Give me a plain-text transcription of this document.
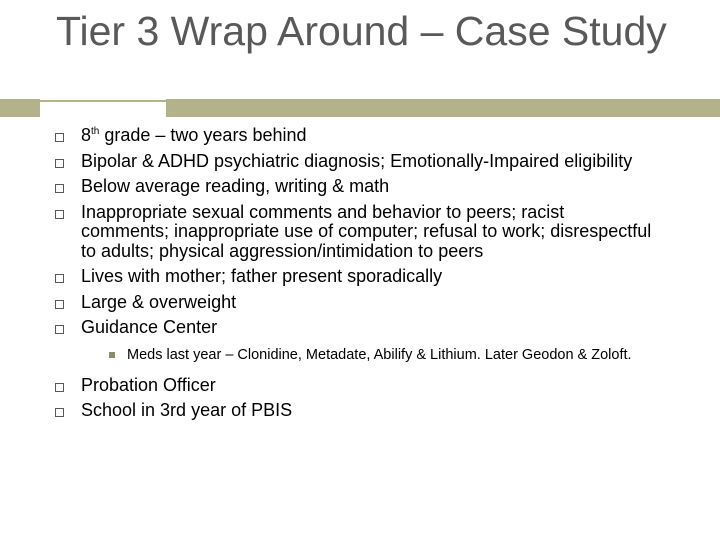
Tier 3 Wrap Around – Case Study
8th grade – two years behind
Bipolar & ADHD psychiatric diagnosis; Emotionally-Impaired eligibility
Below average reading, writing & math
Inappropriate sexual comments and behavior to peers; racist comments; inappropriate use of computer; refusal to work; disrespectful to adults; physical aggression/intimidation to peers
Lives with mother; father present sporadically
Large & overweight
Guidance Center
Meds last year – Clonidine, Metadate, Abilify & Lithium. Later Geodon & Zoloft.
Probation Officer
School in 3rd year of PBIS
